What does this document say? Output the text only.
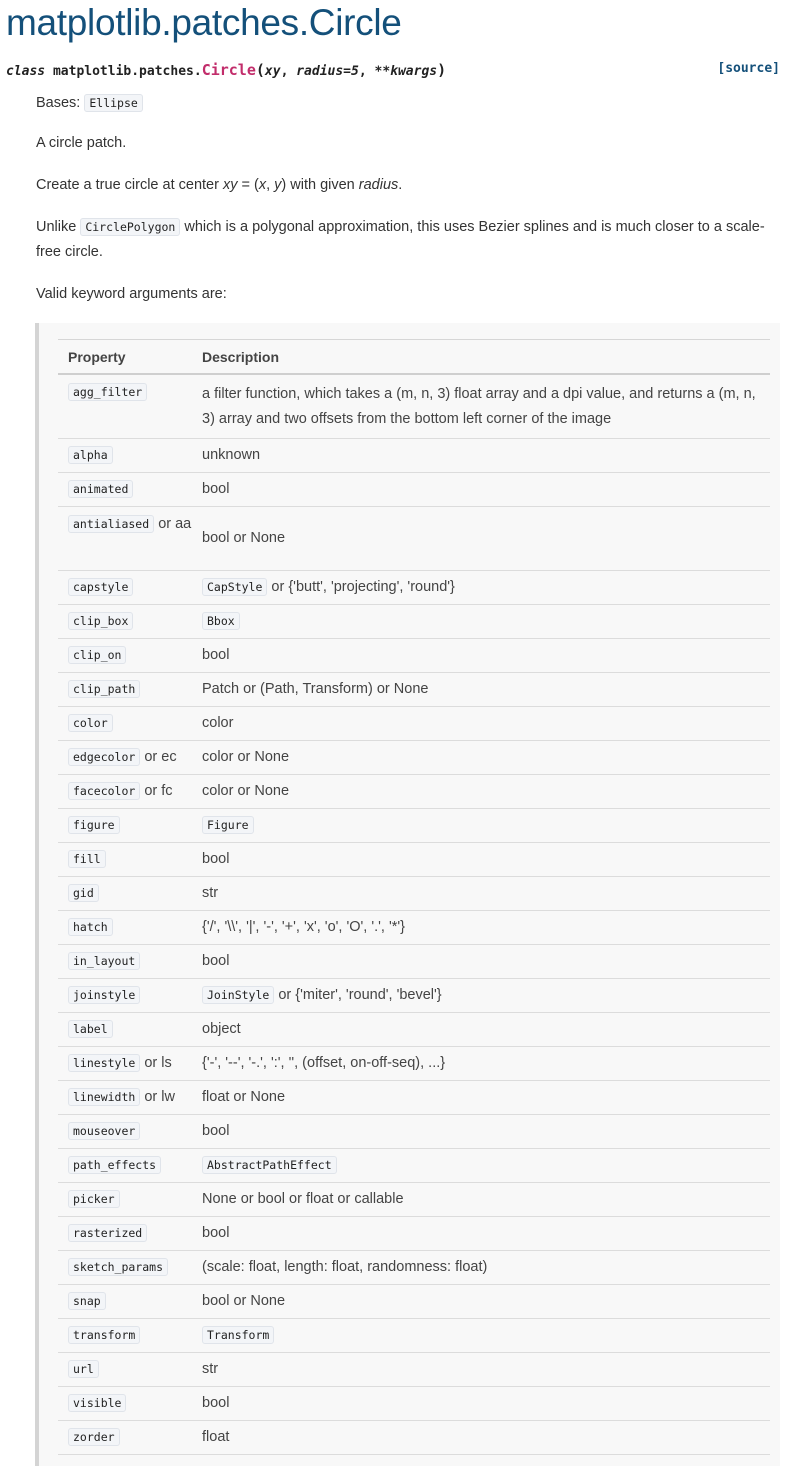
matplotlib.patches.Circle
class matplotlib.patches.Circle(xy, radius=5, **kwargs)	[source]

Bases: Ellipse

A circle patch.

Create a true circle at center xy = (x, y) with given radius.

Unlike CirclePolygon which is a polygonal approximation, this uses Bezier splines and is much closer to a scale-free circle.

Valid keyword arguments are:

Property	Description
agg_filter	a filter function, which takes a (m, n, 3) float array and a dpi value, and returns a (m, n, 3) array and two offsets from the bottom left corner of the image
alpha	unknown
animated	bool
antialiased or aa	bool or None
capstyle	CapStyle or {'butt', 'projecting', 'round'}
clip_box	Bbox
clip_on	bool
clip_path	Patch or (Path, Transform) or None
color	color
edgecolor or ec	color or None
facecolor or fc	color or None
figure	Figure
fill	bool
gid	str
hatch	{'/', '\\', '|', '-', '+', 'x', 'o', 'O', '.', '*'}
in_layout	bool
joinstyle	JoinStyle or {'miter', 'round', 'bevel'}
label	object
linestyle or ls	{'-', '--', '-.', ':', '', (offset, on-off-seq), ...}
linewidth or lw	float or None
mouseover	bool
path_effects	AbstractPathEffect
picker	None or bool or float or callable
rasterized	bool
sketch_params	(scale: float, length: float, randomness: float)
snap	bool or None
transform	Transform
url	str
visible	bool
zorder	float
